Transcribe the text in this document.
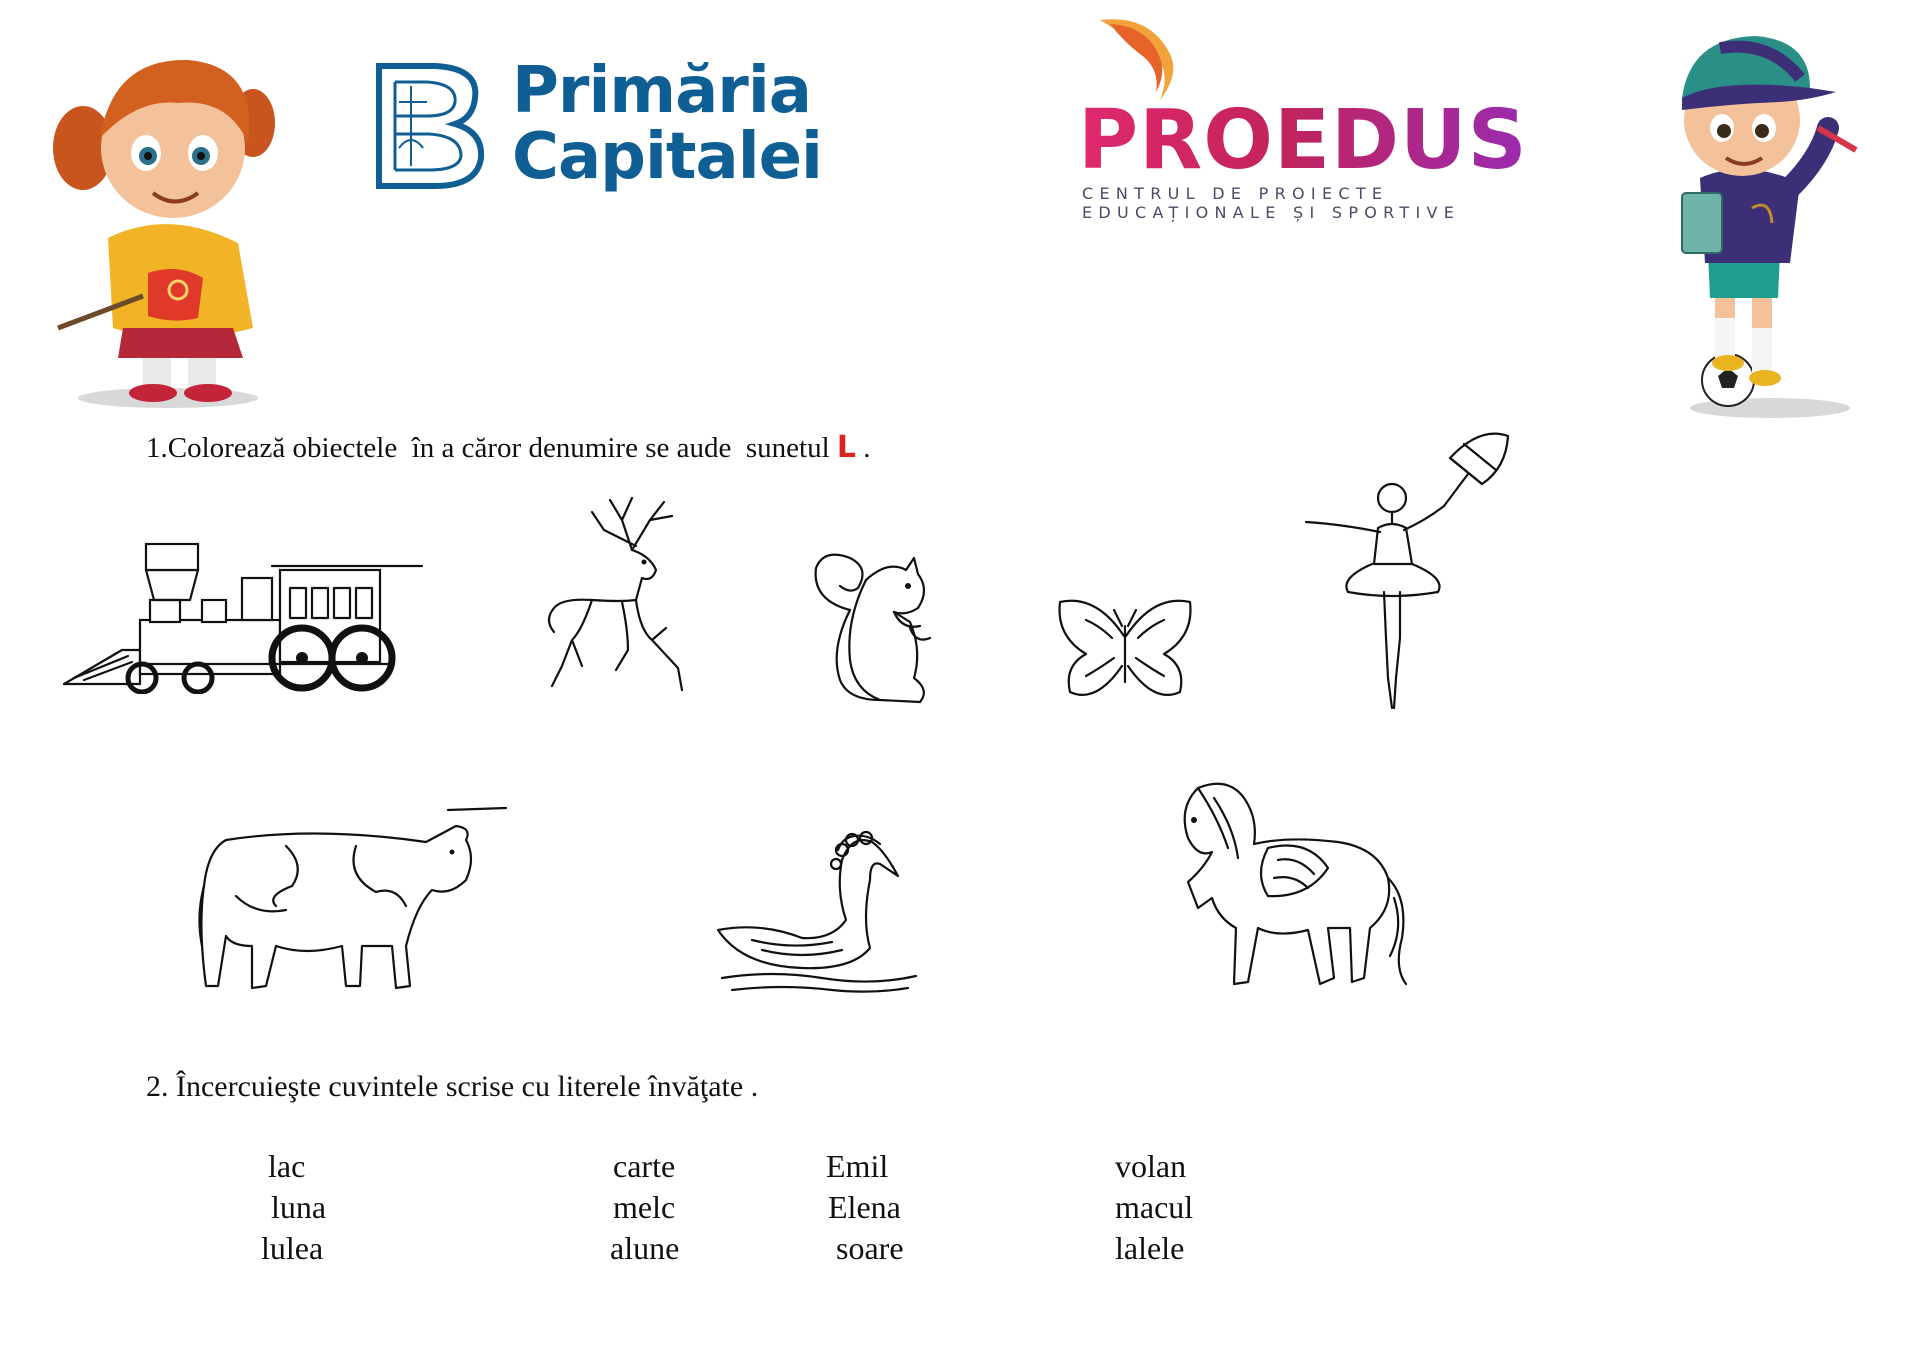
Primăria
Capitalei	PROEDUS
CENTRUL DE PROIECTE
EDUCAȚIONALE ȘI SPORTIVE
1.Colorează obiectele  în a căror denumire se aude  sunetul L .
2. Încercuieşte cuvintele scrise cu literele învăţate .
lac
luna
lulea
carte
melc
alune
Emil
Elena
soare
volan
macul
lalele
